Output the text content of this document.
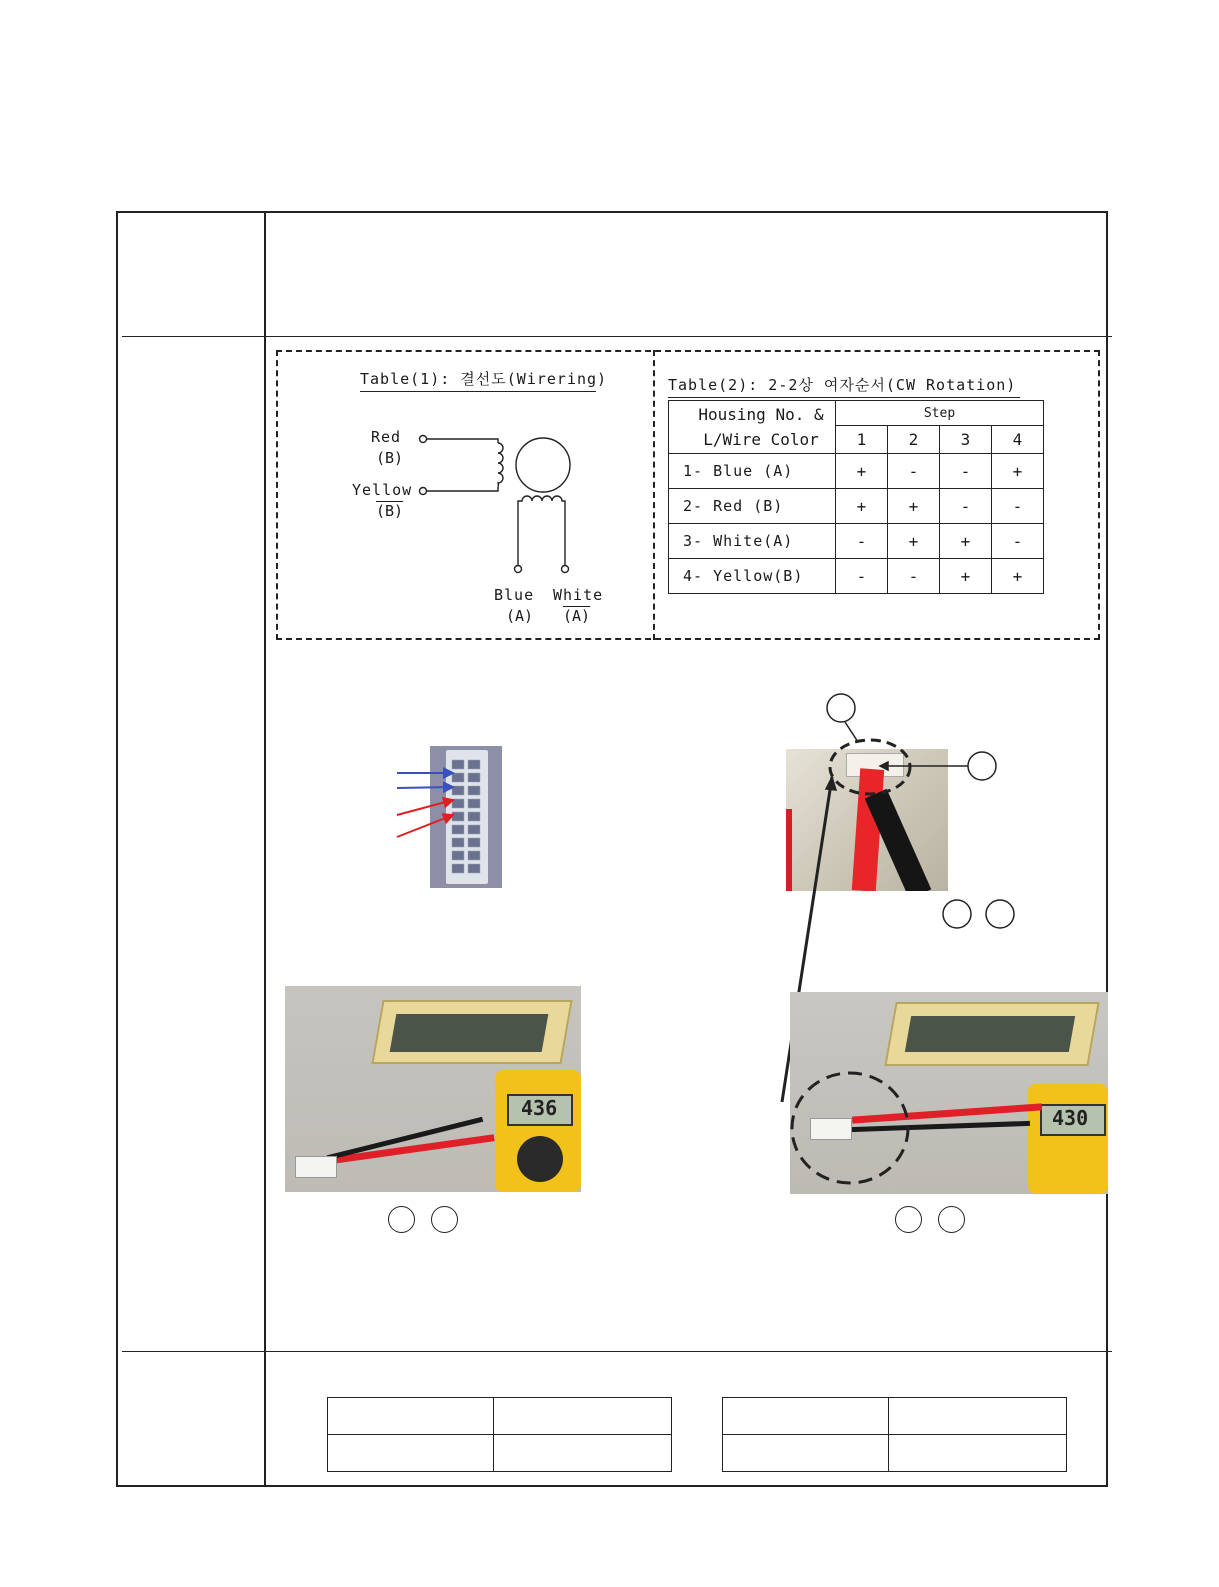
Table(1): 결선도(Wirering)
Red
(B)
Yellow
(B)
Blue
(A)
White
(A)
Table(2): 2-2상 여자순서(CW Rotation)
Housing No. &
L/Wire Color	Step			
	1	2	3	4
1- Blue (A)	+	-	-	+
2- Red (B)	+	+	-	-
3- White(A)	-	+	+	-
4- Yellow(B)	-	-	+	+
436	430
